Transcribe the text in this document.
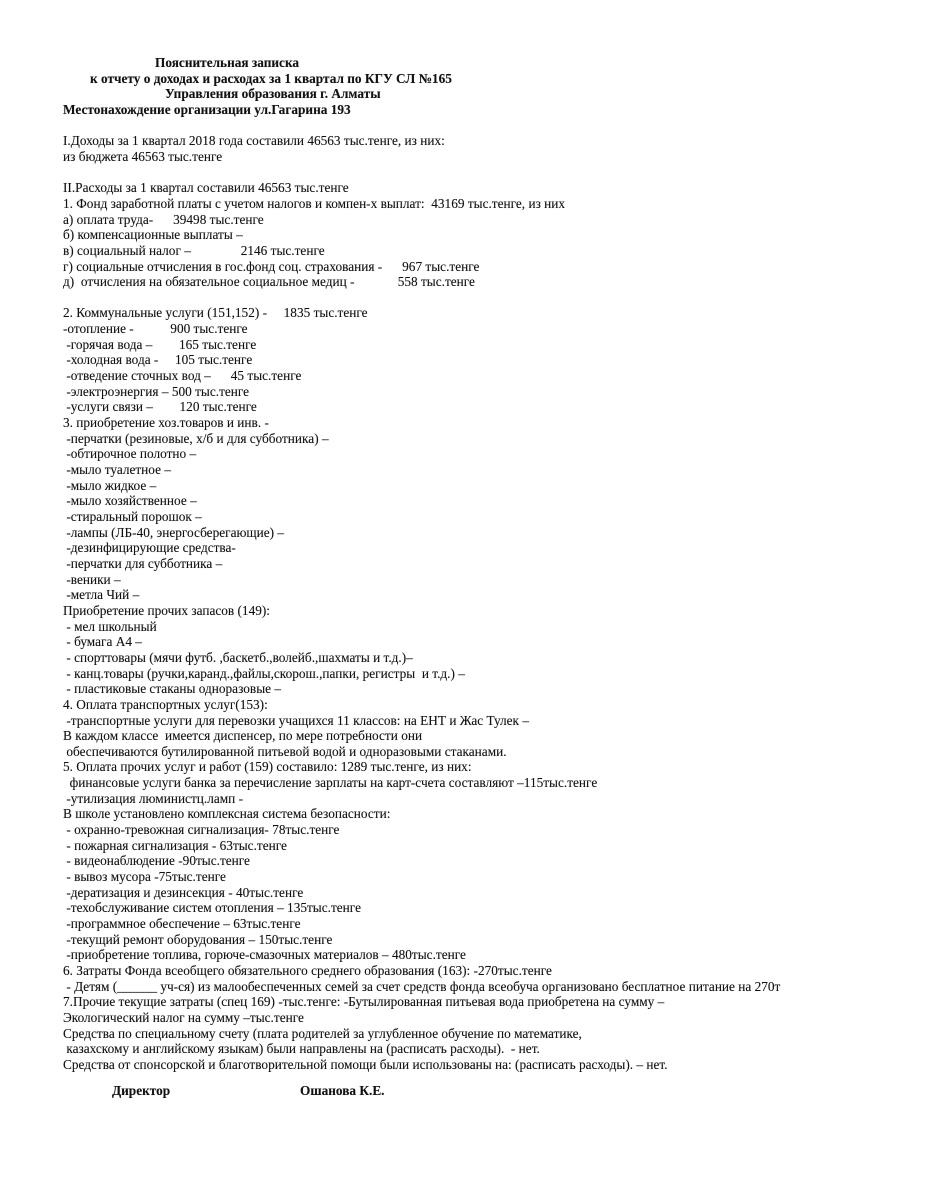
Пояснительная записка
к отчету о доходах и расходах за 1 квартал по КГУ СЛ №165
Управления образования г. Алматы
Местонахождение организации ул.Гагарина 193
I.Доходы за 1 квартал 2018 года составили 46563 тыс.тенге, из них:
из бюджета 46563 тыс.тенге
II.Расходы за 1 квартал составили 46563 тыс.тенге
1. Фонд заработной платы с учетом налогов и компен-х выплат:  43169 тыс.тенге, из них
а) оплата труда-      39498 тыс.тенге
б) компенсационные выплаты –
в) социальный налог –               2146 тыс.тенге
г) социальные отчисления в гос.фонд соц. страхования -      967 тыс.тенге
д)  отчисления на обязательное социальное медиц -             558 тыс.тенге
2. Коммунальные услуги (151,152) -     1835 тыс.тенге
-отопление -           900 тыс.тенге
-горячая вода –        165 тыс.тенге
-холодная вода -     105 тыс.тенге
-отведение сточных вод –      45 тыс.тенге
-электроэнергия – 500 тыс.тенге
-услуги связи –        120 тыс.тенге
3. приобретение хоз.товаров и инв. -
-перчатки (резиновые, х/б и для субботника) –
-обтирочное полотно –
-мыло туалетное –
-мыло жидкое –
-мыло хозяйственное –
-стиральный порошок –
-лампы (ЛБ-40, энергосберегающие) –
-дезинфицирующие средства-
-перчатки для субботника –
-веники –
-метла Чий –
Приобретение прочих запасов (149):
- мел школьный
- бумага А4 –
- спорттовары (мячи футб. ,баскетб.,волейб.,шахматы и т.д.)–
- канц.товары (ручки,каранд.,файлы,скорош.,папки, регистры  и т.д.) –
- пластиковые стаканы одноразовые –
4. Оплата транспортных услуг(153):
-транспортные услуги для перевозки учащихся 11 классов: на ЕНТ и Жас Тулек –
В каждом классе  имеется диспенсер, по мере потребности они
обеспечиваются бутилированной питьевой водой и одноразовыми стаканами.
5. Оплата прочих услуг и работ (159) составило: 1289 тыс.тенге, из них:
финансовые услуги банка за перечисление зарплаты на карт-счета составляют –115тыс.тенге
-утилизация люминистц.ламп -
В школе установлено комплексная система безопасности:
- охранно-тревожная сигнализация- 78тыс.тенге
- пожарная сигнализация - 63тыс.тенге
- видеонаблюдение -90тыс.тенге
- вывоз мусора -75тыс.тенге
-дератизация и дезинсекция - 40тыс.тенге
-техобслуживание систем отопления – 135тыс.тенге
-программное обеспечение – 63тыс.тенге
-текущий ремонт оборудования – 150тыс.тенге
-приобретение топлива, горюче-смазочных материалов – 480тыс.тенге
6. Затраты Фонда всеобщего обязательного среднего образования (163): -270тыс.тенге
- Детям (______ уч-ся) из малообеспеченных семей за счет средств фонда всеобуча организовано бесплатное питание на 270т
7.Прочие текущие затраты (спец 169) -тыс.тенге: -Бутылированная питьевая вода приобретена на сумму –
Экологический налог на сумму –тыс.тенге
Средства по специальному счету (плата родителей за углубленное обучение по математике,
казахскому и английскому языкам) были направлены на (расписать расходы).  - нет.
Средства от спонсорской и благотворительной помощи были использованы на: (расписать расходы). – нет.
Директор	Ошанова К.Е.
